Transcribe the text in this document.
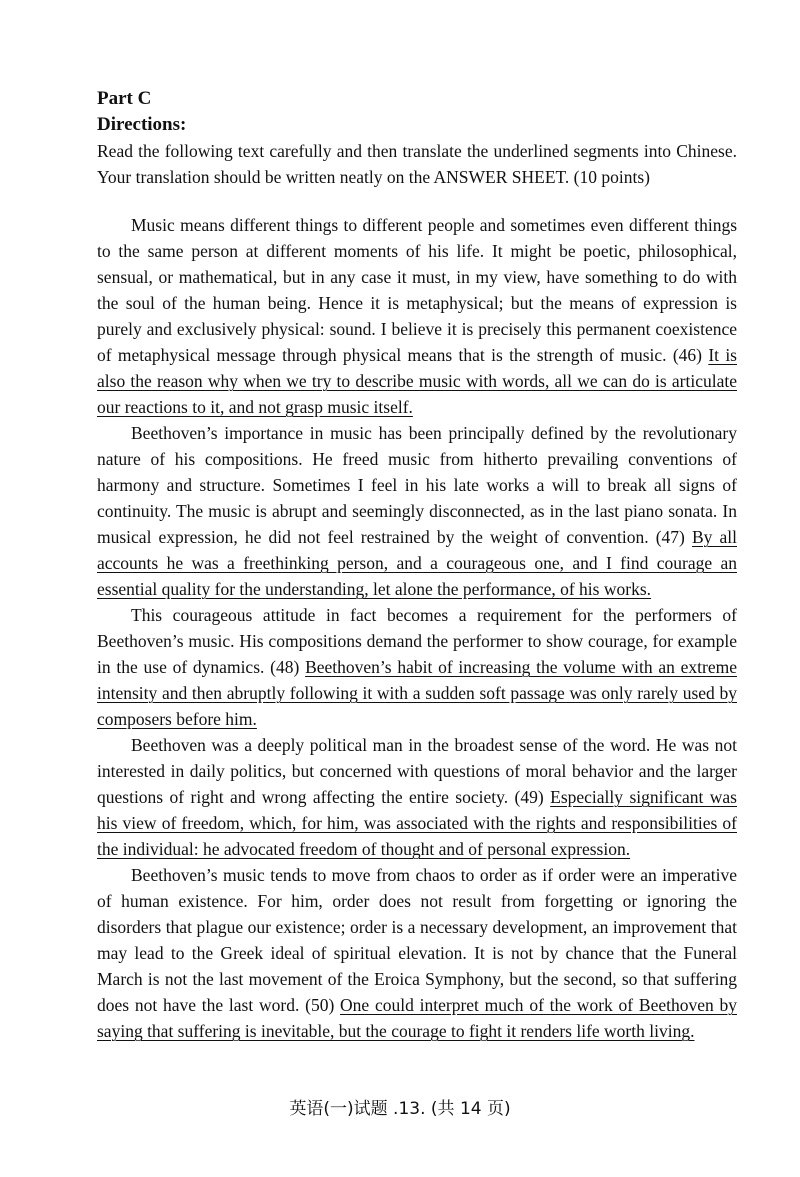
Part C
Directions:
Read the following text carefully and then translate the underlined segments into Chinese. Your translation should be written neatly on the ANSWER SHEET. (10 points)

Music means different things to different people and sometimes even different things to the same person at different moments of his life. It might be poetic, philosophical, sensual, or mathematical, but in any case it must, in my view, have something to do with the soul of the human being. Hence it is metaphysical; but the means of expression is purely and exclusively physical: sound. I believe it is precisely this permanent coexistence of metaphysical message through physical means that is the strength of music. (46) It is also the reason why when we try to describe music with words, all we can do is articulate our reactions to it, and not grasp music itself.

Beethoven’s importance in music has been principally defined by the revolutionary nature of his compositions. He freed music from hitherto prevailing conventions of harmony and structure. Sometimes I feel in his late works a will to break all signs of continuity. The music is abrupt and seemingly disconnected, as in the last piano sonata. In musical expression, he did not feel restrained by the weight of convention. (47) By all accounts he was a freethinking person, and a courageous one, and I find courage an essential quality for the understanding, let alone the performance, of his works.

This courageous attitude in fact becomes a requirement for the performers of Beethoven’s music. His compositions demand the performer to show courage, for example in the use of dynamics. (48) Beethoven’s habit of increasing the volume with an extreme intensity and then abruptly following it with a sudden soft passage was only rarely used by composers before him.

Beethoven was a deeply political man in the broadest sense of the word. He was not interested in daily politics, but concerned with questions of moral behavior and the larger questions of right and wrong affecting the entire society. (49) Especially significant was his view of freedom, which, for him, was associated with the rights and responsibilities of the individual: he advocated freedom of thought and of personal expression.

Beethoven’s music tends to move from chaos to order as if order were an imperative of human existence. For him, order does not result from forgetting or ignoring the disorders that plague our existence; order is a necessary development, an improvement that may lead to the Greek ideal of spiritual elevation. It is not by chance that the Funeral March is not the last movement of the Eroica Symphony, but the second, so that suffering does not have the last word. (50) One could interpret much of the work of Beethoven by saying that suffering is inevitable, but the courage to fight it renders life worth living.

英语(一)试题 .13. (共 14 页)
